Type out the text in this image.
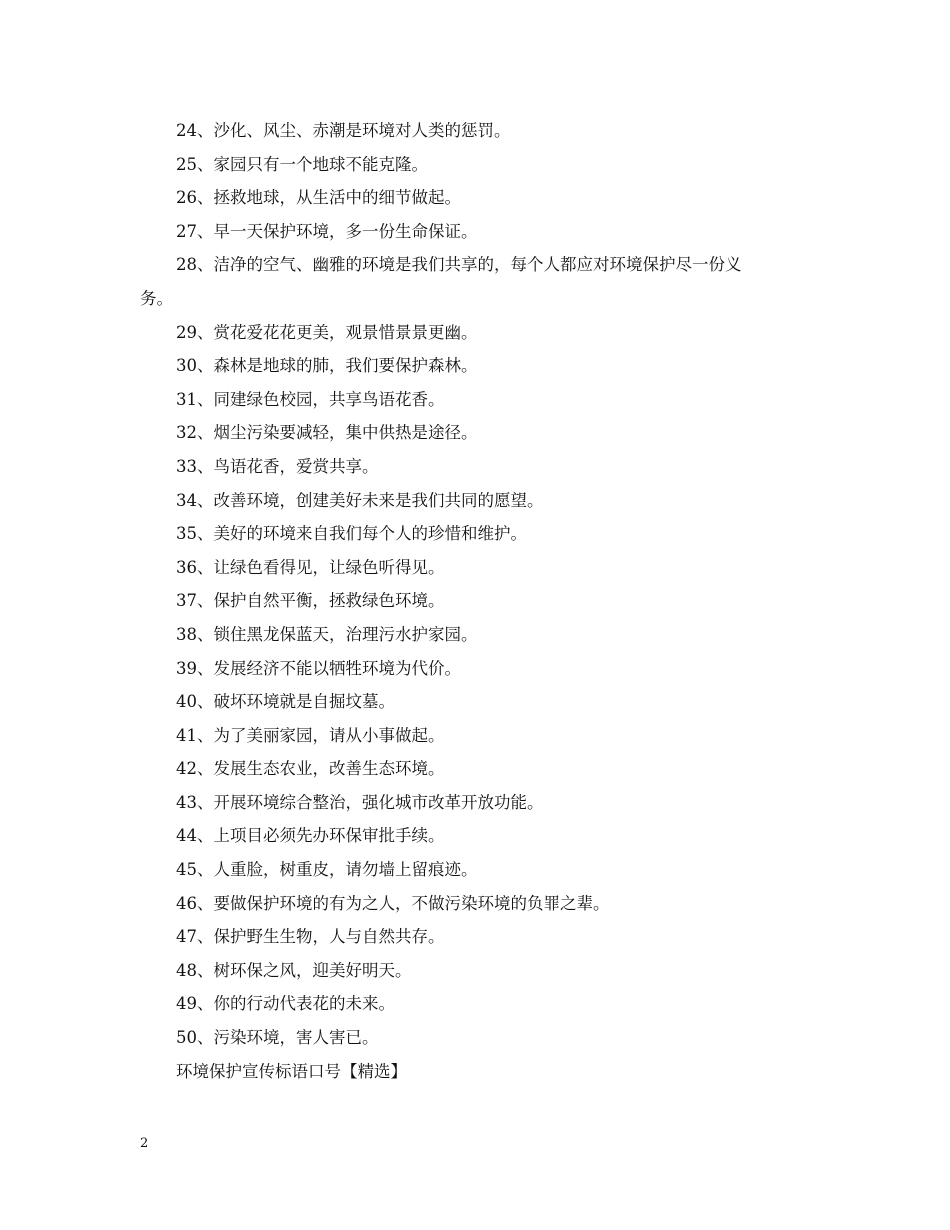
24、沙化、风尘、赤潮是环境对人类的惩罚。
25、家园只有一个地球不能克隆。
26、拯救地球，从生活中的细节做起。
27、早一天保护环境，多一份生命保证。
28、洁净的空气、幽雅的环境是我们共享的，每个人都应对环境保护尽一份义
务。
29、赏花爱花花更美，观景惜景景更幽。
30、森林是地球的肺，我们要保护森林。
31、同建绿色校园，共享鸟语花香。
32、烟尘污染要减轻，集中供热是途径。
33、鸟语花香，爱赏共享。
34、改善环境，创建美好未来是我们共同的愿望。
35、美好的环境来自我们每个人的珍惜和维护。
36、让绿色看得见，让绿色听得见。
37、保护自然平衡，拯救绿色环境。
38、锁住黑龙保蓝天，治理污水护家园。
39、发展经济不能以牺牲环境为代价。
40、破坏环境就是自掘坟墓。
41、为了美丽家园，请从小事做起。
42、发展生态农业，改善生态环境。
43、开展环境综合整治，强化城市改革开放功能。
44、上项目必须先办环保审批手续。
45、人重脸，树重皮，请勿墙上留痕迹。
46、要做保护环境的有为之人，不做污染环境的负罪之辈。
47、保护野生生物，人与自然共存。
48、树环保之风，迎美好明天。
49、你的行动代表花的未来。
50、污染环境，害人害已。
环境保护宣传标语口号【精选】
2
